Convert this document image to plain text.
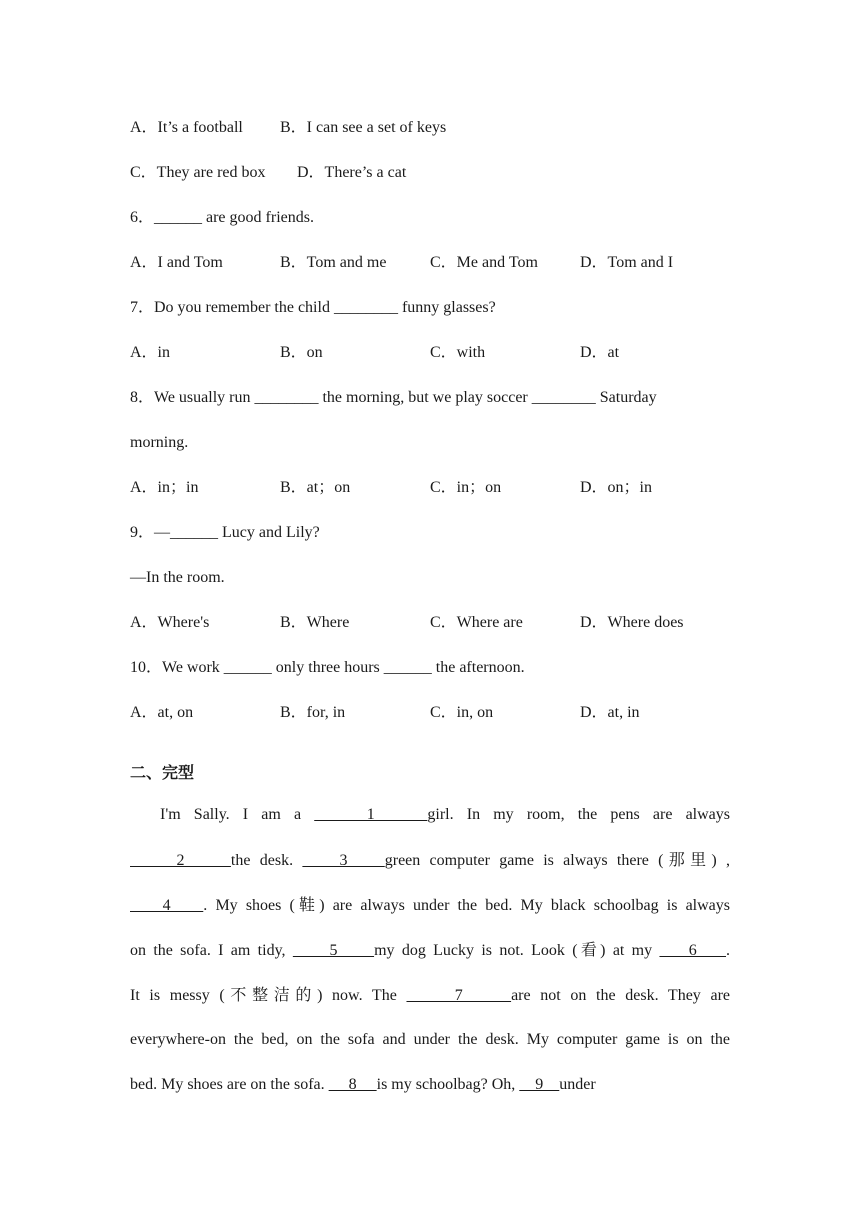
A．It’s a football B．I can see a set of keys
C．They are red box D．There’s a cat
6．______ are good friends.
A．I and Tom	B．Tom and me	C．Me and Tom	D．Tom and I
7．Do you remember the child ________ funny glasses?
A．in	B．on	C．with	D．at
8．We usually run ________ the morning, but we play soccer ________ Saturday
morning.
A．in；in	B．at；on	C．in；on	D．on；in
9．—______ Lucy and Lily?
—In the room.
A．Where's	B．Where	C．Where are	D．Where does
10．We work ______ only three hours ______ the afternoon.
A．at, on	B．for, in	C．in, on	D．at, in
二、完型
I'm Sally. I am a     1    girl. In my room, the pens are always
2     the desk.     3    green computer game is always there (那里) ,
4    . My shoes (鞋) are always under the bed. My black schoolbag is always
on the sofa. I am tidy,      5     my dog Lucky is not. Look (看) at my     6    .
It is messy (不整洁的) now. The      7     are not on the desk. They are
everywhere-on the bed, on the sofa and under the desk. My computer game is on the
bed. My shoes are on the sofa.      8     is my schoolbag? Oh,     9    under
